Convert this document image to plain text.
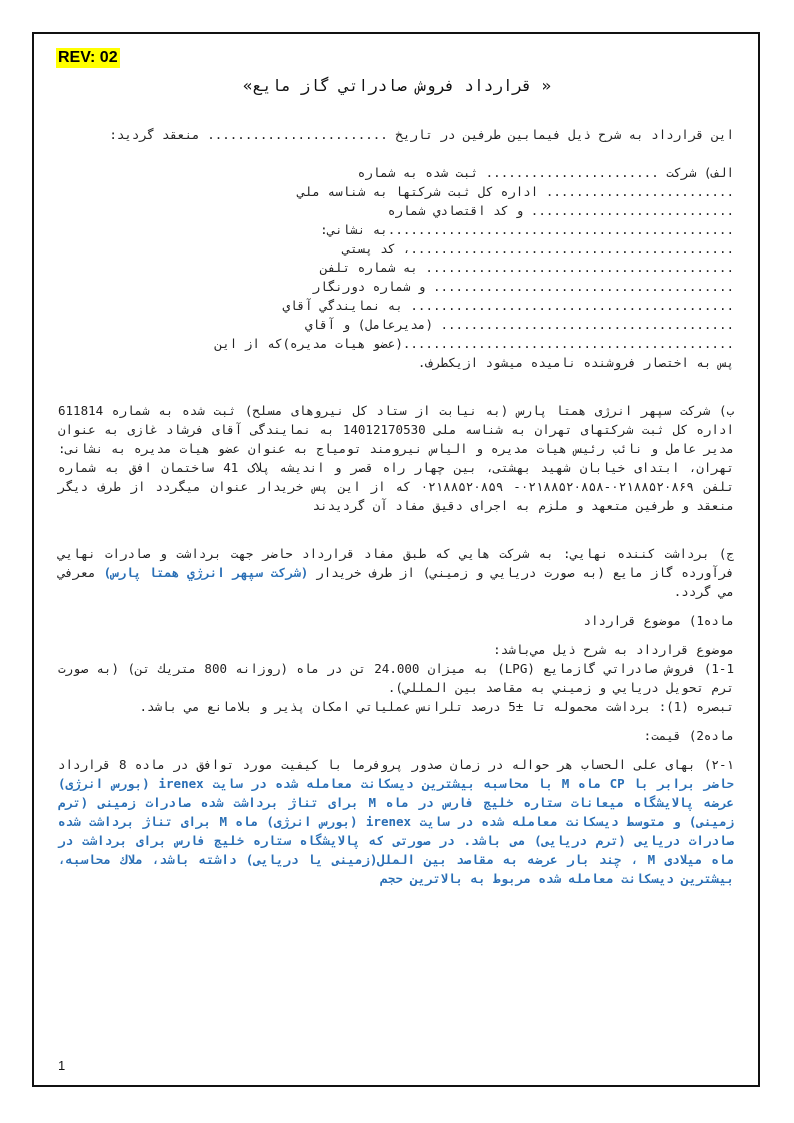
REV: 02
« قرارداد فروش صادراتي گاز مايع»

اين قرارداد به شرح ذيل فيمابين طرفين در تاريخ ........................ منعقد گرديد:

الف) شركت ....................... ثبت شده به شماره

......................... اداره كل ثبت شركتها به شناسه ملي

........................... و كد اقتصادي شماره

..............................................به نشاني:

...........................................، كد پستي

......................................... به شماره تلفن

........................................ و شماره دورنگار

........................................... به نمايندگي آقاي

....................................... (مديرعامل) و آقاي

............................................(عضو هيات مديره)كه از اين

پس به اختصار فروشنده ناميده ميشود ازيكطرف.

ب) شرکت سپهر انرژی همتا پارس (به نيابت از ستاد کل نيروهای مسلح) ثبت شده به شماره 611814 اداره کل ثبت شرکتهای تهران به شناسه ملی 14012170530 به نمايندگی آقای فرشاد غازی به عنوان مدير عامل و نائب رئيس هيات مديره و الياس نيرومند تومياج به عنوان عضو هيات مديره به نشانی: تهران، ابتدای خيابان شهيد بهشتی، بين چهار راه قصر و انديشه پلاک 41 ساختمان افق به شماره تلفن ۰۲۱۸۸۵۲۰۸۶۹-۰۲۱۸۸۵۲۰۸۵۸- ۰۲۱۸۸۵۲۰۸۵۹ كه از اين پس خريدار عنوان ميگردد از طرف ديگر منعقد و طرفين متعهد و ملزم به اجرای دقيق مفاد آن گرديدند

ج) برداشت كننده نهايي: به شركت هايي كه طبق مفاد قرارداد حاضر جهت برداشت و صادرات نهايي فرآورده گاز مايع (به صورت دريايي و زميني) از طرف خريدار (شركت سپهر انرژي همتا پارس) معرفي مي گردد.

ماده1) موضوع قرارداد

موضوع قرارداد به شرح ذيل مي‌باشد:

1-1) فروش صادراتي گازمايع (LPG) به ميزان 24.000 تن در ماه (روزانه 800 متريك تن) (به صورت ترم تحويل دريايي و زميني به مقاصد بين المللي).

تبصره (1): برداشت محموله تا ±5 درصد تلرانس عملياتي امكان پذير و بلامانع مي باشد.

ماده2) قيمت:

۲-۱) بهای علی الحساب هر حواله در زمان صدور پروفرما با كيفيت مورد توافق در ماده 8 قرارداد حاضر برابر با CP ماه M با محاسبه بيشترين ديسكانت معامله شده در سايت irenex (بورس انرژی) عرضه پالايشگاه ميعانات ستاره خليج فارس در ماه M برای تناژ برداشت شده صادرات زمينی (ترم زمينی) و متوسط ديسكانت معامله شده در سايت irenex (بورس انرژی) ماه M برای تناژ برداشت شده صادرات دريايی (ترم دريايی) می باشد. در صورتی كه پالايشگاه ستاره خليج فارس برای برداشت در ماه ميلادی M ، چند بار عرضه به مقاصد بين الملل(زمينی يا دريايی) داشته باشد، ملاك محاسبه، بيشترين ديسكانت معامله شده مربوط به بالاترين حجم

1
